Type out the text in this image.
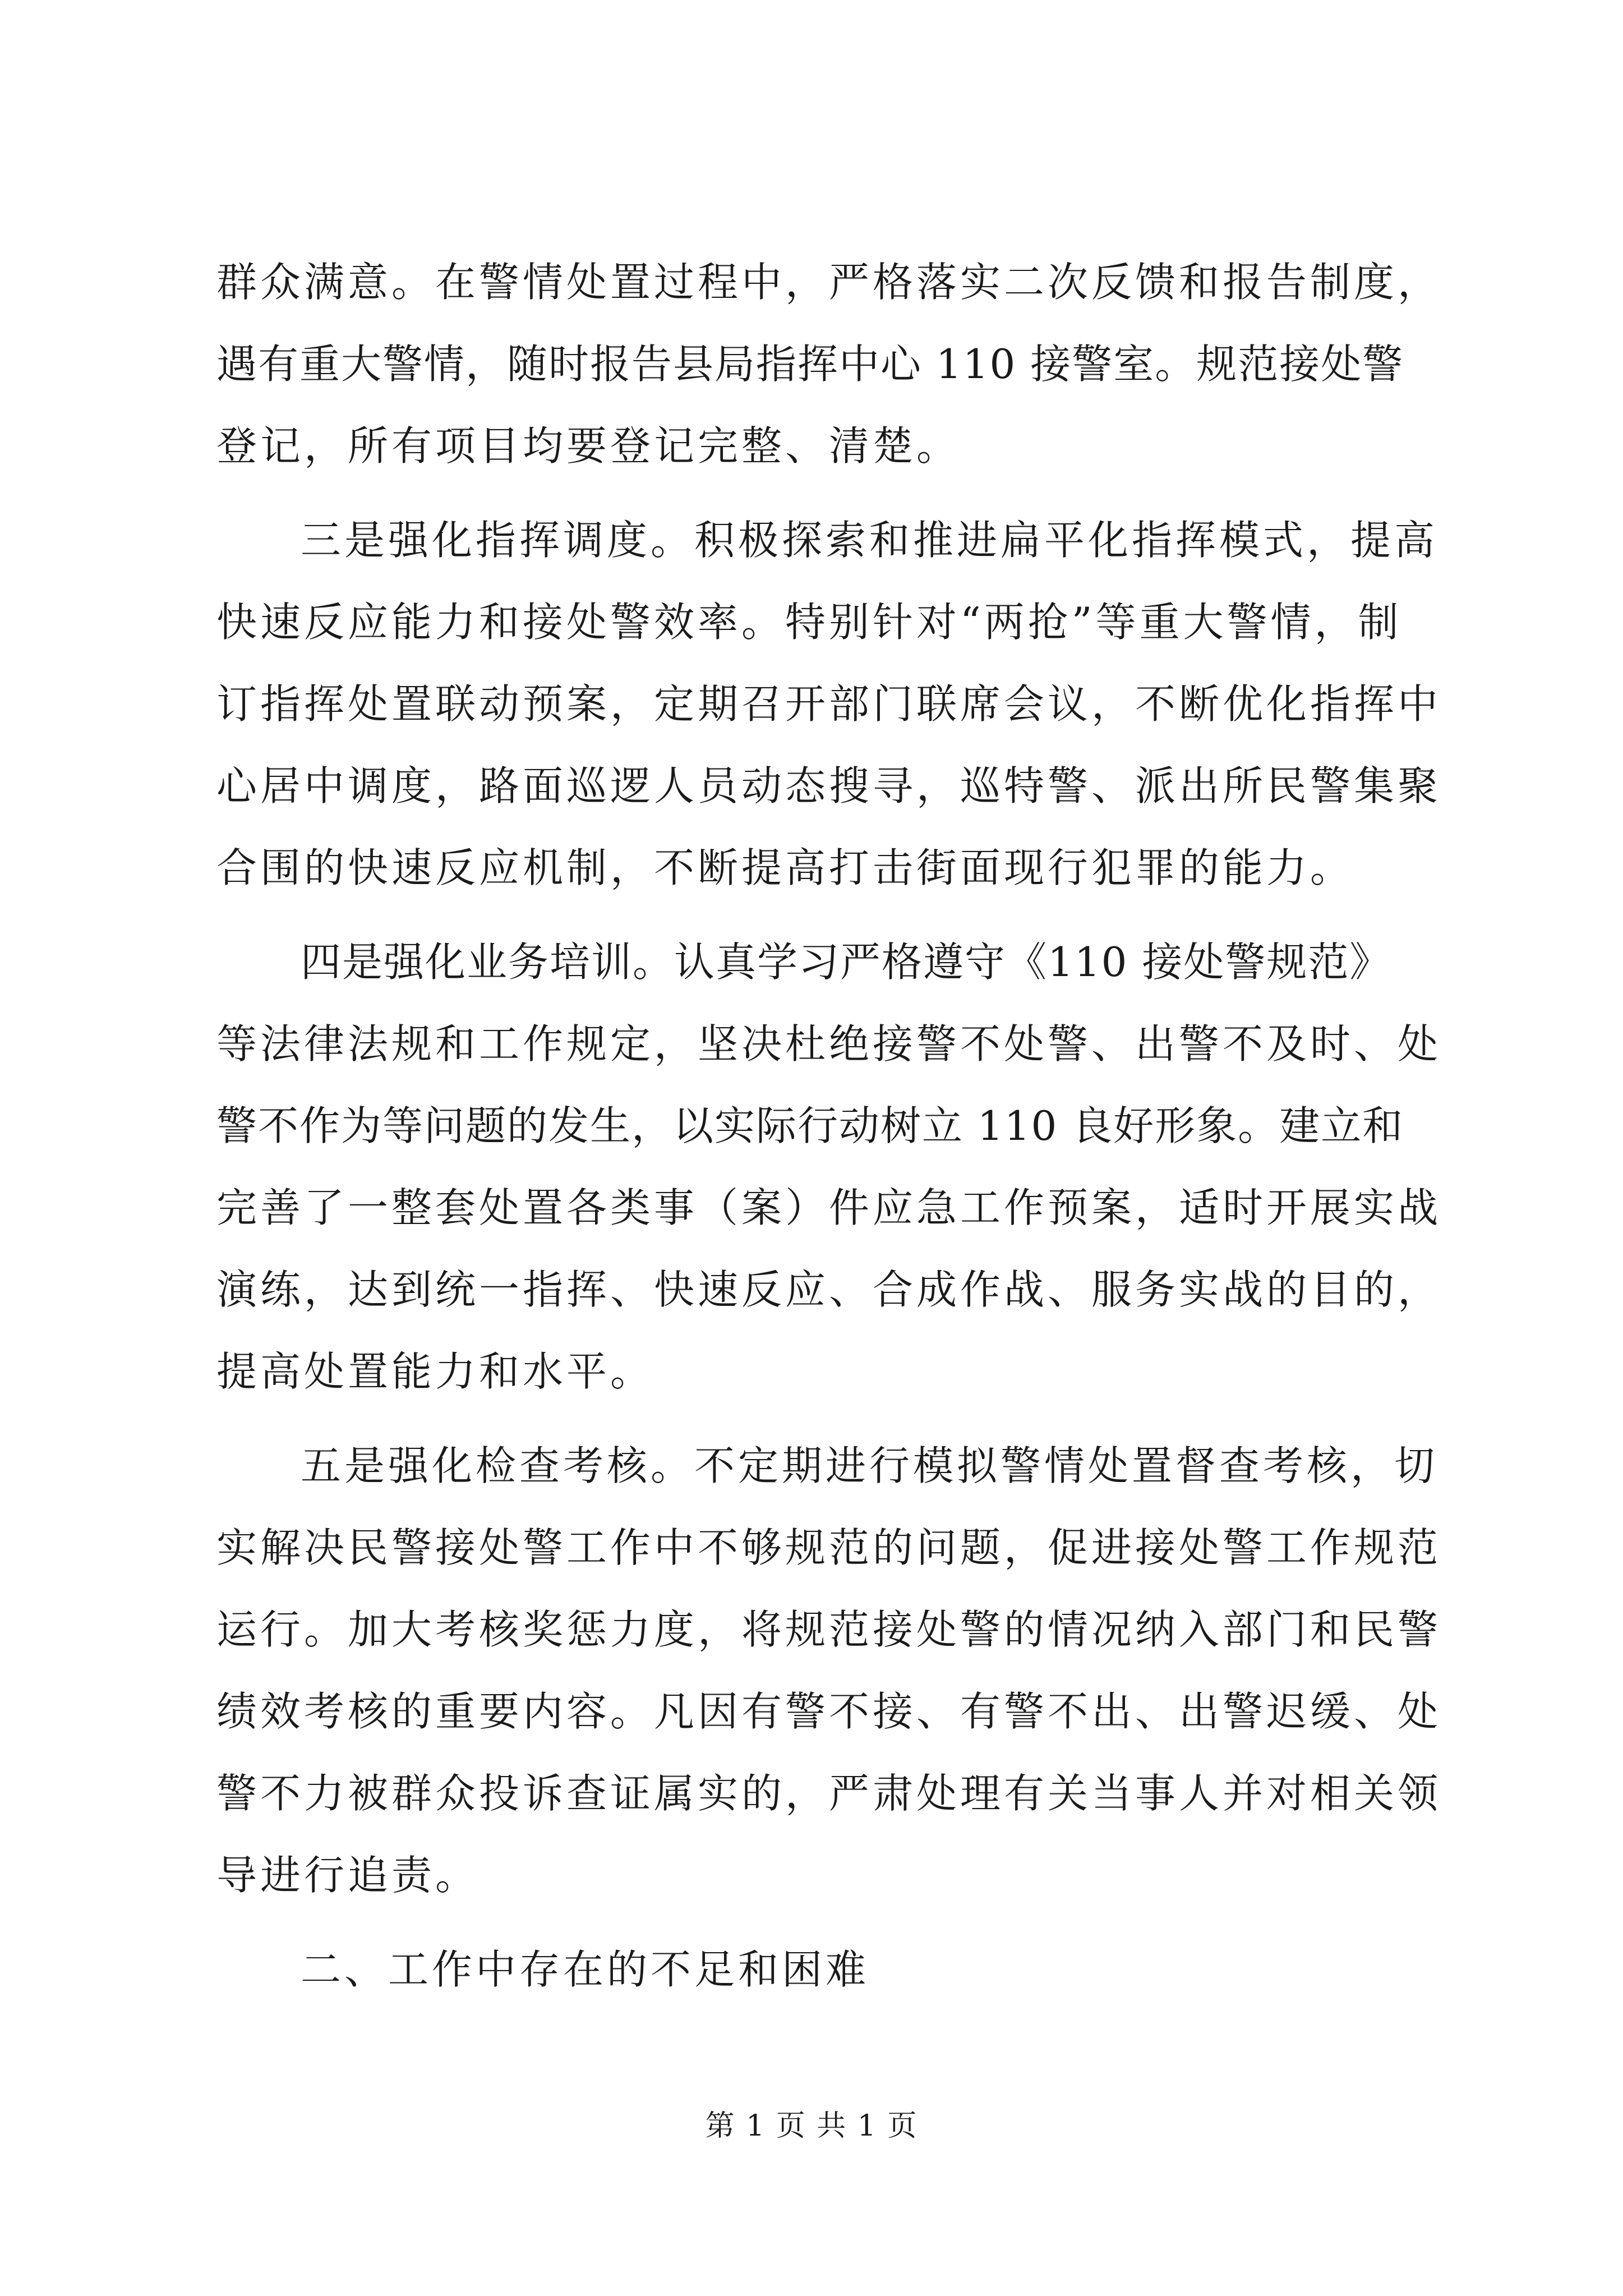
群众满意。在警情处置过程中，严格落实二次反馈和报告制度，
遇有重大警情，随时报告县局指挥中心 110 接警室。规范接处警
登记，所有项目均要登记完整、清楚。
三是强化指挥调度。积极探索和推进扁平化指挥模式，提高
快速反应能力和接处警效率。特别针对“两抢”等重大警情，制
订指挥处置联动预案，定期召开部门联席会议，不断优化指挥中
心居中调度，路面巡逻人员动态搜寻，巡特警、派出所民警集聚
合围的快速反应机制，不断提高打击街面现行犯罪的能力。
四是强化业务培训。认真学习严格遵守《110 接处警规范》
等法律法规和工作规定，坚决杜绝接警不处警、出警不及时、处
警不作为等问题的发生，以实际行动树立 110 良好形象。建立和
完善了一整套处置各类事（案）件应急工作预案，适时开展实战
演练，达到统一指挥、快速反应、合成作战、服务实战的目的，
提高处置能力和水平。
五是强化检查考核。不定期进行模拟警情处置督查考核，切
实解决民警接处警工作中不够规范的问题，促进接处警工作规范
运行。加大考核奖惩力度，将规范接处警的情况纳入部门和民警
绩效考核的重要内容。凡因有警不接、有警不出、出警迟缓、处
警不力被群众投诉查证属实的，严肃处理有关当事人并对相关领
导进行追责。
二、工作中存在的不足和困难
第 1 页 共 1 页
